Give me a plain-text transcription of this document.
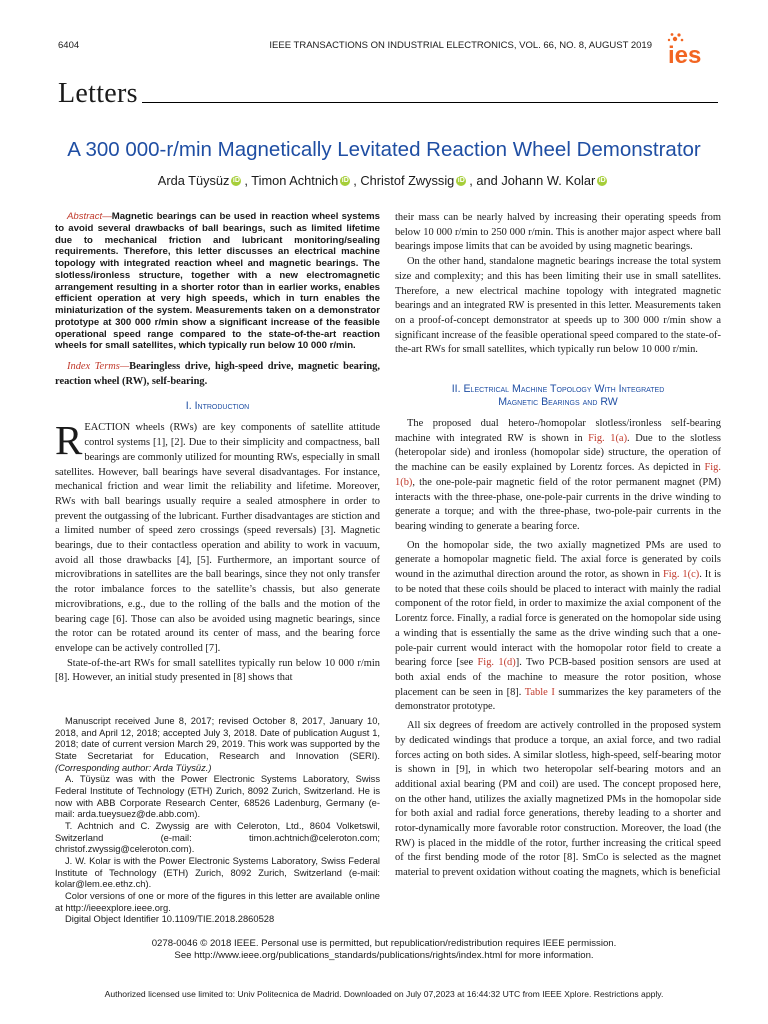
6404	IEEE TRANSACTIONS ON INDUSTRIAL ELECTRONICS, VOL. 66, NO. 8, AUGUST 2019 ies
Letters
A 300 000-r/min Magnetically Levitated Reaction Wheel Demonstrator
Arda Tüysüz iD , Timon Achtnich iD , Christof Zwyssig iD , and Johann W. Kolar iD

Abstract—Magnetic bearings can be used in reaction wheel systems to avoid several drawbacks of ball bearings, such as limited lifetime due to mechanical friction and lubricant monitoring/sealing requirements. Therefore, this letter discusses an electrical machine topology with integrated reaction wheel and magnetic bearings. The slotless/ironless structure, together with a new electromagnetic arrangement resulting in a shorter rotor than in earlier works, enables efficient operation at very high speeds, which in turn enables the miniaturization of the system. Measurements taken on a demonstrator prototype at 300 000 r/min show a significant increase of the feasible operational speed range compared to the state-of-the-art reaction wheels for small satellites, which typically run below 10 000 r/min.

Index Terms—Bearingless drive, high-speed drive, magnetic bearing, reaction wheel (RW), self-bearing.

I. Introduction

REACTION wheels (RWs) are key components of satellite attitude control systems [1], [2]. Due to their simplicity and compactness, ball bearings are commonly utilized for mounting RWs, especially in small satellites. However, ball bearings have several disadvantages. For instance, mechanical friction and wear limit the reliability and lifetime. Moreover, RWs with ball bearings usually require a sealed atmosphere in order to prevent the outgassing of the lubricant. Further disadvantages are stiction and a limited number of speed zero crossings (speed reversals) [3]. Magnetic bearings, due to their contactless operation and ability to work in vacuum, avoid all those drawbacks [4], [5]. Furthermore, an important source of microvibrations in satellites are the ball bearings, since they not only transfer the rotor imbalance forces to the satellite’s chassis, but also generate microvibrations, e.g., due to the rolling of the balls and the motion of the bearing cage [6]. Those can also be avoided using magnetic bearings, since the rotor can be rotated around its center of mass, and the bearing force envelope can be actively controlled [7].

State-of-the-art RWs for small satellites typically run below 10 000 r/min [8]. However, an initial study presented in [8] shows that

Manuscript received June 8, 2017; revised October 8, 2017, January 10, 2018, and April 12, 2018; accepted July 3, 2018. Date of publication August 1, 2018; date of current version March 29, 2019. This work was supported by the State Secretariat for Education, Research and Innovation (SERI). (Corresponding author: Arda Tüysüz.)

A. Tüysüz was with the Power Electronic Systems Laboratory, Swiss Federal Institute of Technology (ETH) Zurich, 8092 Zurich, Switzerland. He is now with ABB Corporate Research Center, 68526 Ladenburg, Germany (e-mail: arda.tueysuez@de.abb.com).

T. Achtnich and C. Zwyssig are with Celeroton, Ltd., 8604 Volketswil, Switzerland (e-mail: timon.achtnich@celeroton.com; christof.zwyssig@celeroton.com).

J. W. Kolar is with the Power Electronic Systems Laboratory, Swiss Federal Institute of Technology (ETH) Zurich, 8092 Zurich, Switzerland (e-mail: kolar@lem.ee.ethz.ch).

Color versions of one or more of the figures in this letter are available online at http://ieeexplore.ieee.org.

Digital Object Identifier 10.1109/TIE.2018.2860528

their mass can be nearly halved by increasing their operating speeds from below 10 000 r/min to 250 000 r/min. This is another major aspect where ball bearings impose limits that can be avoided by using magnetic bearings.

On the other hand, standalone magnetic bearings increase the total system size and complexity; and this has been limiting their use in small satellites. Therefore, a new electrical machine topology with integrated magnetic bearings and an integrated RW is presented in this letter. Measurements taken on a proof-of-concept demonstrator at speeds up to 300 000 r/min show a significant increase of the feasible operational speed compared to the state-of-the-art RWs for small satellites, which typically run below 10 000 r/min.

II. Electrical Machine Topology With Integrated
Magnetic Bearings and RW

The proposed dual hetero-/homopolar slotless/ironless self-bearing machine with integrated RW is shown in Fig. 1(a). Due to the slotless (heteropolar side) and ironless (homopolar side) structure, the operation of the machine can be easily explained by Lorentz forces. As depicted in Fig. 1(b), the one-pole-pair magnetic field of the rotor permanent magnet (PM) interacts with the three-phase, one-pole-pair currents in the drive winding to generate a torque; and with the three-phase, two-pole-pair currents in the bearing winding to generate a bearing force.

On the homopolar side, the two axially magnetized PMs are used to generate a homopolar magnetic field. The axial force is generated by coils wound in the azimuthal direction around the rotor, as shown in Fig. 1(c). It is to be noted that these coils should be placed to interact with mainly the radial component of the rotor field, in order to maximize the axial component of the Lorentz force. Finally, a radial force is generated on the homopolar side using a winding that is essentially the same as the drive winding such that a one-pole-pair current would interact with the homopolar rotor field to create a bearing force [see Fig. 1(d)]. Two PCB-based position sensors are used at both axial ends of the machine to measure the rotor position, whose placement can be seen in [8]. Table I summarizes the key parameters of the demonstrator prototype.

All six degrees of freedom are actively controlled in the proposed system by dedicated windings that produce a torque, an axial force, and two radial forces acting on both sides. A similar slotless, high-speed, self-bearing motor is shown in [9], in which two heteropolar self-bearing motors and an additional axial bearing (PM and coil) are used. The concept proposed here, on the other hand, utilizes the axially magnetized PMs in the homopolar side for both axial and radial force generations, thereby leading to a shorter and rotor-dynamically more favorable rotor construction. Moreover, the load (the RW) is placed in the middle of the rotor, further increasing the critical speed of the first bending mode of the rotor [8]. SmCo is selected as the magnet material to prevent oxidation without coating the magnets, which is beneficial

0278-0046 © 2018 IEEE. Personal use is permitted, but republication/redistribution requires IEEE permission.
See http://www.ieee.org/publications_standards/publications/rights/index.html for more information.
Authorized licensed use limited to: Univ Politecnica de Madrid. Downloaded on July 07,2023 at 16:44:32 UTC from IEEE Xplore. Restrictions apply.
